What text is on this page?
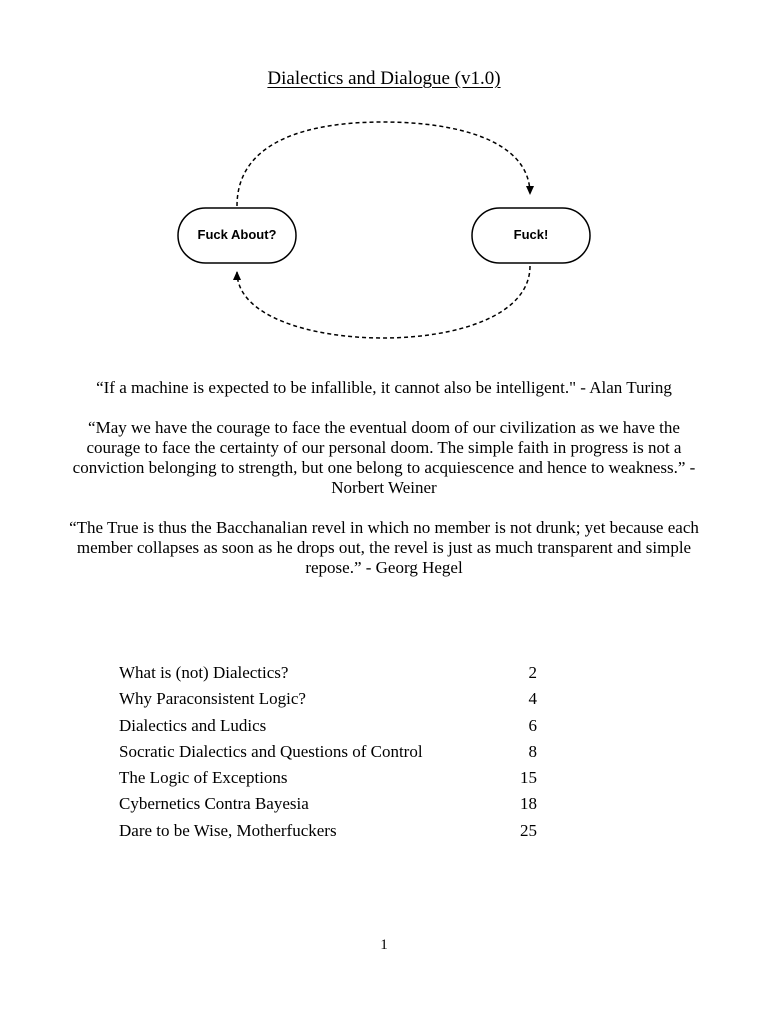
Dialectics and Dialogue (v1.0)
Fuck About?	Fuck!

“If a machine is expected to be infallible, it cannot also be intelligent." - Alan Turing

“May we have the courage to face the eventual doom of our civilization as we have the courage to face the certainty of our personal doom. The simple faith in progress is not a conviction belonging to strength, but one belong to acquiescence and hence to weakness.” - Norbert Weiner

“The True is thus the Bacchanalian revel in which no member is not drunk; yet because each member collapses as soon as he drops out, the revel is just as much transparent and simple repose.” - Georg Hegel

What is (not) Dialectics?	2
Why Paraconsistent Logic?	4
Dialectics and Ludics	6
Socratic Dialectics and Questions of Control	8
The Logic of Exceptions	15
Cybernetics Contra Bayesia	18
Dare to be Wise, Motherfuckers	25
1
